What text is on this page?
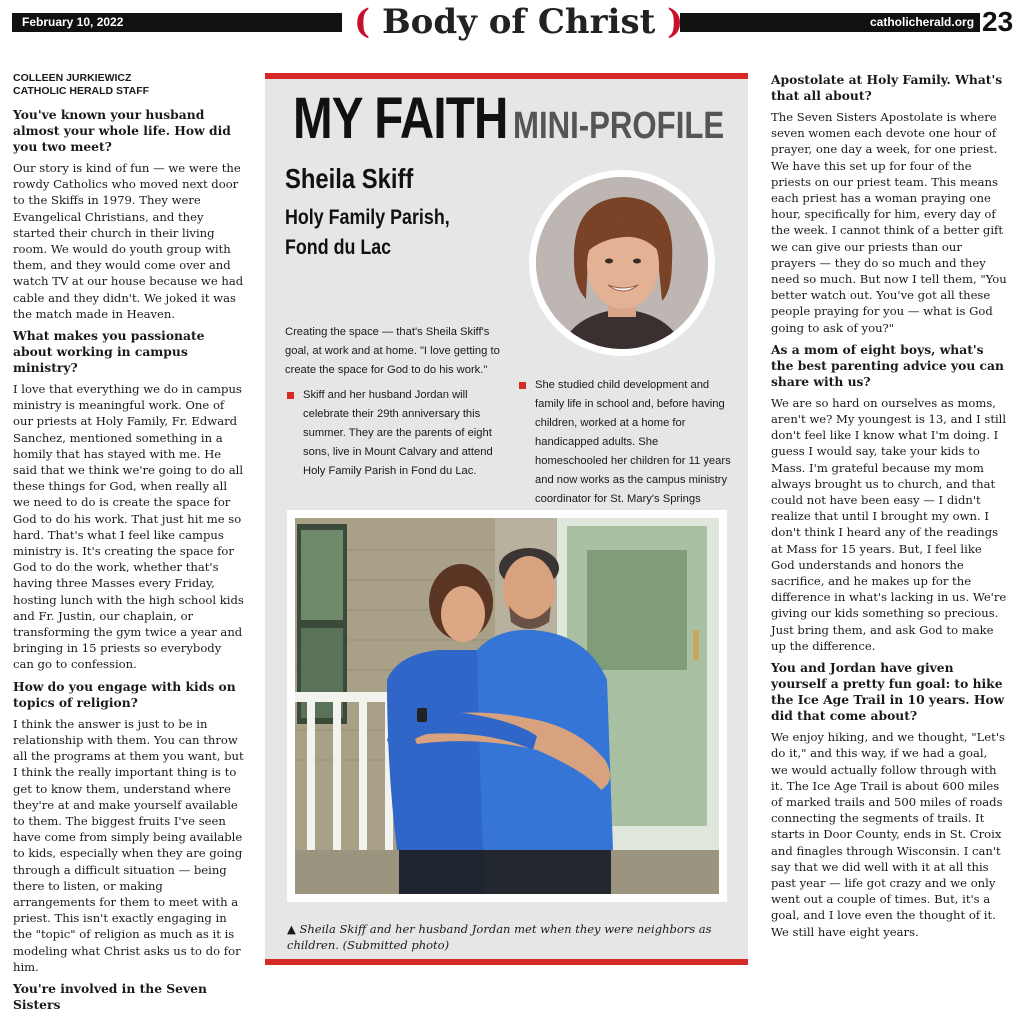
February 10, 2022	( Body of Christ )	catholicherald.org 23
COLLEEN JURKIEWICZ
CATHOLIC HERALD STAFF

You've known your husband almost your whole life. How did you two meet?

Our story is kind of fun — we were the rowdy Catholics who moved next door to the Skiffs in 1979. They were Evangelical Christians, and they started their church in their living room. We would do youth group with them, and they would come over and watch TV at our house because we had cable and they didn't. We joked it was the match made in Heaven.

What makes you passionate about working in campus ministry?

I love that everything we do in campus ministry is meaningful work. One of our priests at Holy Family, Fr. Edward Sanchez, mentioned something in a homily that has stayed with me. He said that we think we're going to do all these things for God, when really all we need to do is create the space for God to do his work. That just hit me so hard. That's what I feel like campus ministry is. It's creating the space for God to do the work, whether that's having three Masses every Friday, hosting lunch with the high school kids and Fr. Justin, our chaplain, or transforming the gym twice a year and bringing in 15 priests so everybody can go to confession.

How do you engage with kids on topics of religion?

I think the answer is just to be in relationship with them. You can throw all the programs at them you want, but I think the really important thing is to get to know them, understand where they're at and make yourself available to them. The biggest fruits I've seen have come from simply being available to kids, especially when they are going through a difficult situation — being there to listen, or making arrangements for them to meet with a priest. This isn't exactly engaging in the "topic" of religion as much as it is modeling what Christ asks us to do for him.

You're involved in the Seven Sisters

MY FAITH MINI-PROFILE
Sheila Skiff
Holy Family Parish,
Fond du Lac
Creating the space — that's Sheila Skiff's goal, at work and at home. "I love getting to create the space for God to do his work."
Skiff and her husband Jordan will celebrate their 29th anniversary this summer. They are the parents of eight sons, live in Mount Calvary and attend Holy Family Parish in Fond du Lac.
She studied child development and family life in school and, before having children, worked at a home for handicapped adults. She homeschooled her children for 11 years and now works as the campus ministry coordinator for St. Mary's Springs
▲ Sheila Skiff and her husband Jordan met when they were neighbors as children. (Submitted photo)

Apostolate at Holy Family. What's that all about?

The Seven Sisters Apostolate is where seven women each devote one hour of prayer, one day a week, for one priest. We have this set up for four of the priests on our priest team. This means each priest has a woman praying one hour, specifically for him, every day of the week. I cannot think of a better gift we can give our priests than our prayers — they do so much and they need so much. But now I tell them, "You better watch out. You've got all these people praying for you — what is God going to ask of you?"

As a mom of eight boys, what's the best parenting advice you can share with us?

We are so hard on ourselves as moms, aren't we? My youngest is 13, and I still don't feel like I know what I'm doing. I guess I would say, take your kids to Mass. I'm grateful because my mom always brought us to church, and that could not have been easy — I didn't realize that until I brought my own. I don't think I heard any of the readings at Mass for 15 years. But, I feel like God understands and honors the sacrifice, and he makes up for the difference in what's lacking in us. We're giving our kids something so precious. Just bring them, and ask God to make up the difference.

You and Jordan have given yourself a pretty fun goal: to hike the Ice Age Trail in 10 years. How did that come about?

We enjoy hiking, and we thought, "Let's do it," and this way, if we had a goal, we would actually follow through with it. The Ice Age Trail is about 600 miles of marked trails and 500 miles of roads connecting the segments of trails. It starts in Door County, ends in St. Croix and finagles through Wisconsin. I can't say that we did well with it at all this past year — life got crazy and we only went out a couple of times. But, it's a goal, and I love even the thought of it. We still have eight years.
